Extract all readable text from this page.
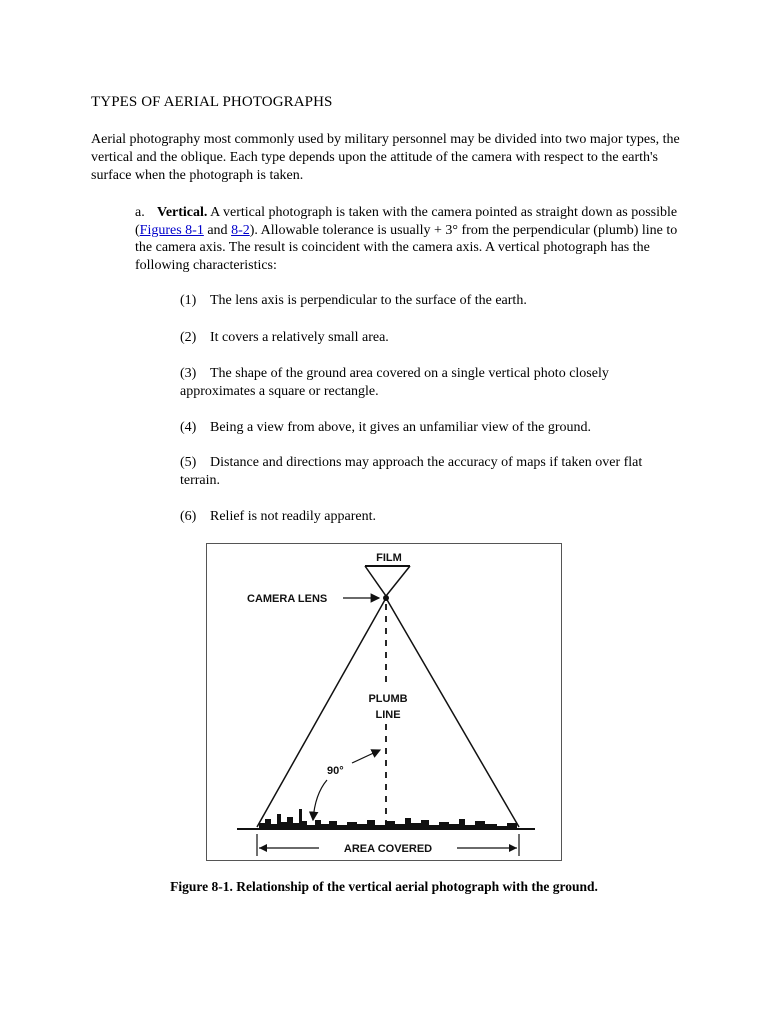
TYPES OF AERIAL PHOTOGRAPHS

Aerial photography most commonly used by military personnel may be divided into two major types, the vertical and the oblique. Each type depends upon the attitude of the camera with respect to the earth's surface when the photograph is taken.

a. Vertical. A vertical photograph is taken with the camera pointed as straight down as possible (Figures 8-1 and 8-2). Allowable tolerance is usually + 3° from the perpendicular (plumb) line to the camera axis. The result is coincident with the camera axis. A vertical photograph has the following characteristics:

(1) The lens axis is perpendicular to the surface of the earth.

(2) It covers a relatively small area.

(3) The shape of the ground area covered on a single vertical photo closely approximates a square or rectangle.

(4) Being a view from above, it gives an unfamiliar view of the ground.

(5) Distance and directions may approach the accuracy of maps if taken over flat terrain.

(6) Relief is not readily apparent.

FILM
CAMERA LENS
PLUMB
LINE
90°
AREA COVERED

Figure 8-1. Relationship of the vertical aerial photograph with the ground.
